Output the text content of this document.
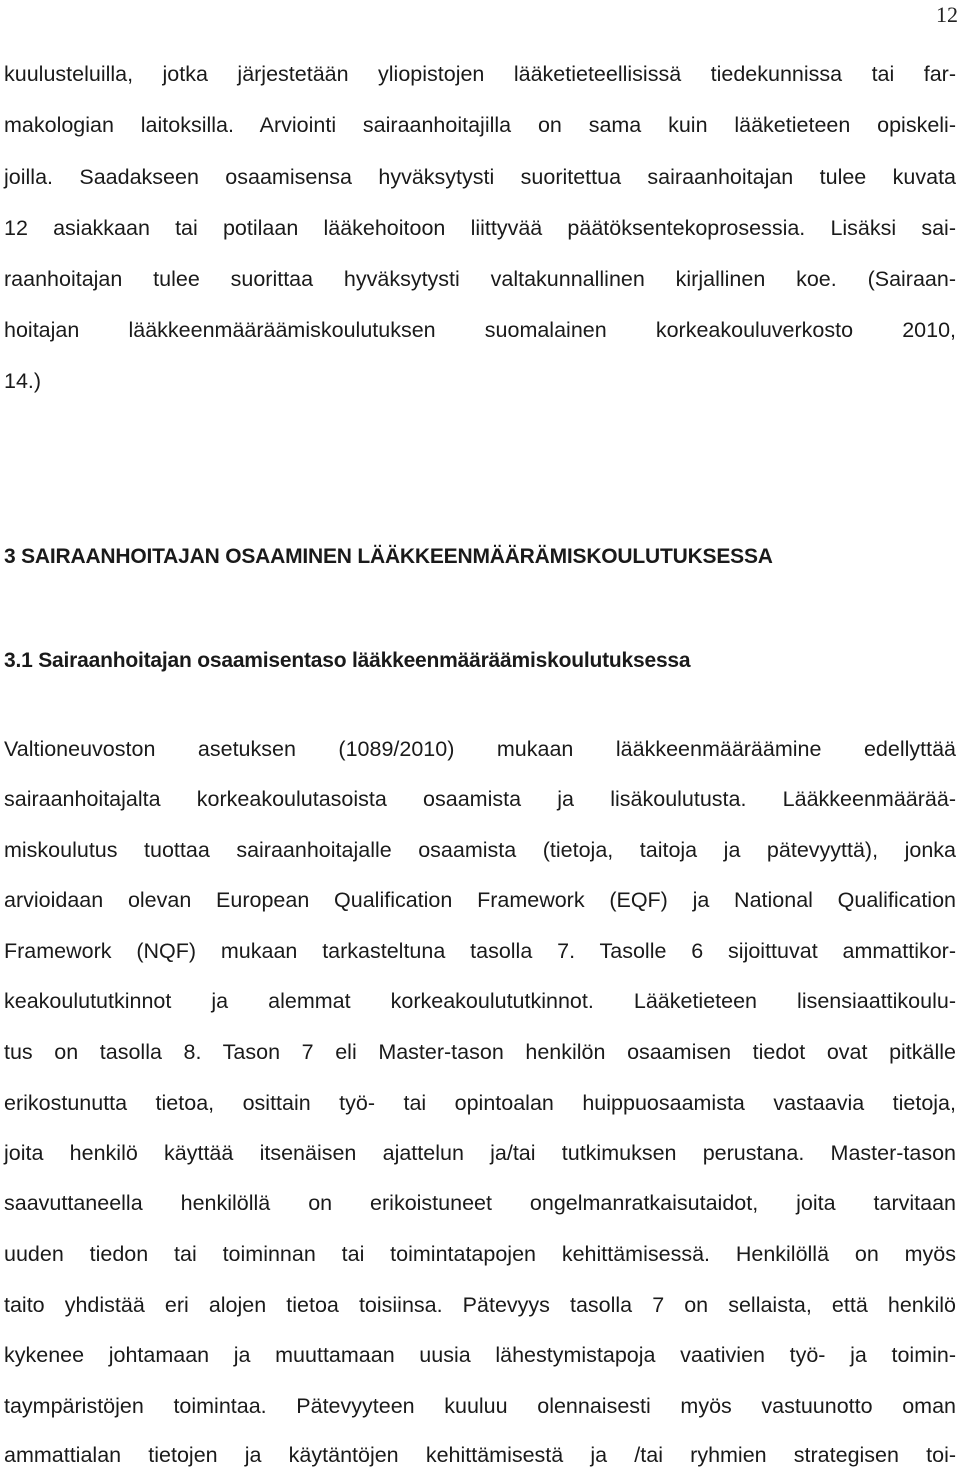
12
kuulusteluilla, jotka järjestetään yliopistojen lääketieteellisissä tiedekunnissa tai far-
makologian laitoksilla. Arviointi sairaanhoitajilla on sama kuin lääketieteen opiskeli-
joilla. Saadakseen osaamisensa hyväksytysti suoritettua sairaanhoitajan tulee kuvata
12 asiakkaan tai potilaan lääkehoitoon liittyvää päätöksentekoprosessia. Lisäksi sai-
raanhoitajan tulee suorittaa hyväksytysti valtakunnallinen kirjallinen koe. (Sairaan-
hoitajan lääkkeenmääräämiskoulutuksen suomalainen korkeakouluverkosto 2010,
14.)
3 SAIRAANHOITAJAN OSAAMINEN LÄÄKKEENMÄÄRÄMISKOULUTUKSESSA
3.1 Sairaanhoitajan osaamisentaso lääkkeenmääräämiskoulutuksessa
Valtioneuvoston asetuksen (1089/2010) mukaan lääkkeenmääräämine edellyttää
sairaanhoitajalta korkeakoulutasoista osaamista ja lisäkoulutusta. Lääkkeenmäärää-
miskoulutus tuottaa sairaanhoitajalle osaamista (tietoja, taitoja ja pätevyyttä), jonka
arvioidaan olevan European Qualification Framework (EQF) ja National Qualification
Framework (NQF) mukaan tarkasteltuna tasolla 7. Tasolle 6 sijoittuvat ammattikor-
keakoulututkinnot ja alemmat korkeakoulututkinnot. Lääketieteen lisensiaattikoulu-
tus on tasolla 8. Tason 7 eli Master-tason henkilön osaamisen tiedot ovat pitkälle
erikostunutta tietoa, osittain työ- tai opintoalan huippuosaamista vastaavia tietoja,
joita henkilö käyttää itsenäisen ajattelun ja/tai tutkimuksen perustana. Master-tason
saavuttaneella henkilöllä on erikoistuneet ongelmanratkaisutaidot, joita tarvitaan
uuden tiedon tai toiminnan tai toimintatapojen kehittämisessä. Henkilöllä on myös
taito yhdistää eri alojen tietoa toisiinsa. Pätevyys tasolla 7 on sellaista, että henkilö
kykenee johtamaan ja muuttamaan uusia lähestymistapoja vaativien työ- ja toimin-
taympäristöjen toimintaa. Pätevyyteen kuuluu olennaisesti myös vastuunotto oman
ammattialan tietojen ja käytäntöjen kehittämisestä ja /tai ryhmien strategisen toi-
